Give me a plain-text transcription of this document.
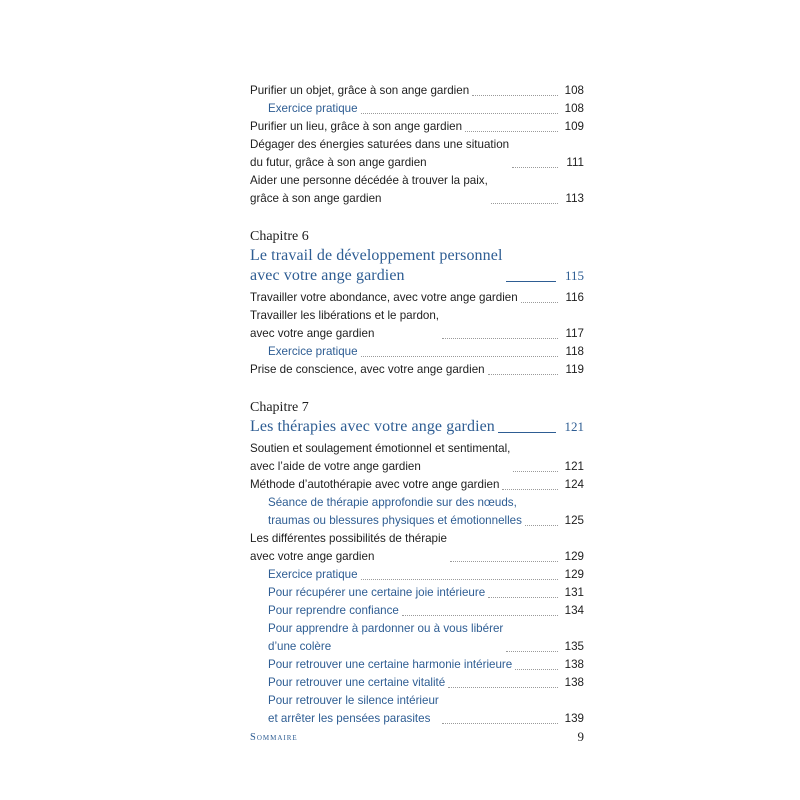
Purifier un objet, grâce à son ange gardien	108
Exercice pratique	108
Purifier un lieu, grâce à son ange gardien	109
Dégager des énergies saturées dans une situation
du futur, grâce à son ange gardien	111
Aider une personne décédée à trouver la paix,
grâce à son ange gardien	113
Chapitre 6
Le travail de développement personnel
avec votre ange gardien	115
Travailler votre abondance, avec votre ange gardien	116
Travailler les libérations et le pardon,
avec votre ange gardien	117
Exercice pratique	118
Prise de conscience, avec votre ange gardien	119
Chapitre 7
Les thérapies avec votre ange gardien	121
Soutien et soulagement émotionnel et sentimental,
avec l’aide de votre ange gardien	121
Méthode d’autothérapie avec votre ange gardien	124
Séance de thérapie approfondie sur des nœuds,
traumas ou blessures physiques et émotionnelles	125
Les différentes possibilités de thérapie
avec votre ange gardien	129
Exercice pratique	129
Pour récupérer une certaine joie intérieure	131
Pour reprendre confiance	134
Pour apprendre à pardonner ou à vous libérer
d’une colère	135
Pour retrouver une certaine harmonie intérieure	138
Pour retrouver une certaine vitalité	138
Pour retrouver le silence intérieur
et arrêter les pensées parasites	139
Sommaire	9
